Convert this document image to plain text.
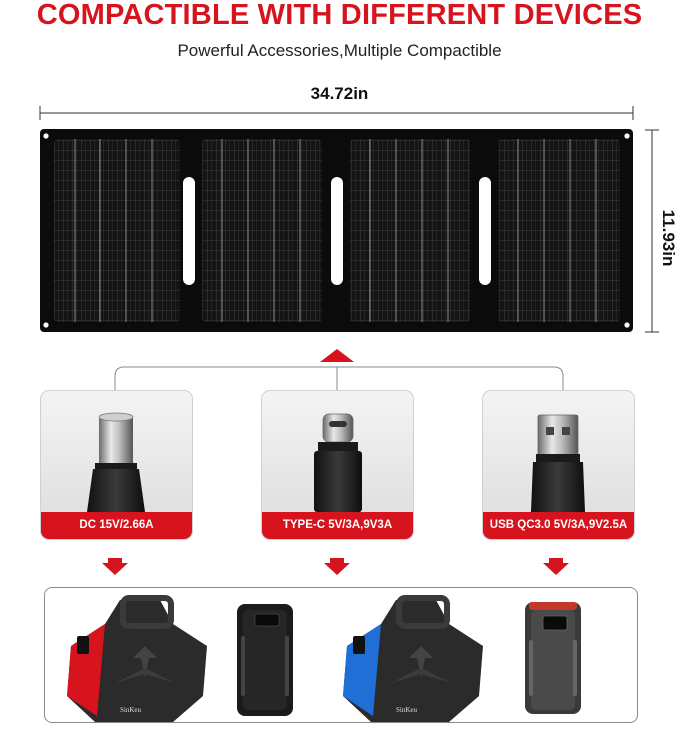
COMPACTIBLE WITH DIFFERENT DEVICES
Powerful Accessories,Multiple Compactible
34.72in
11.93in
DC 15V/2.66A	TYPE-C 5V/3A,9V3A	USB QC3.0 5V/3A,9V2.5A
SinKeu	SinKeu
